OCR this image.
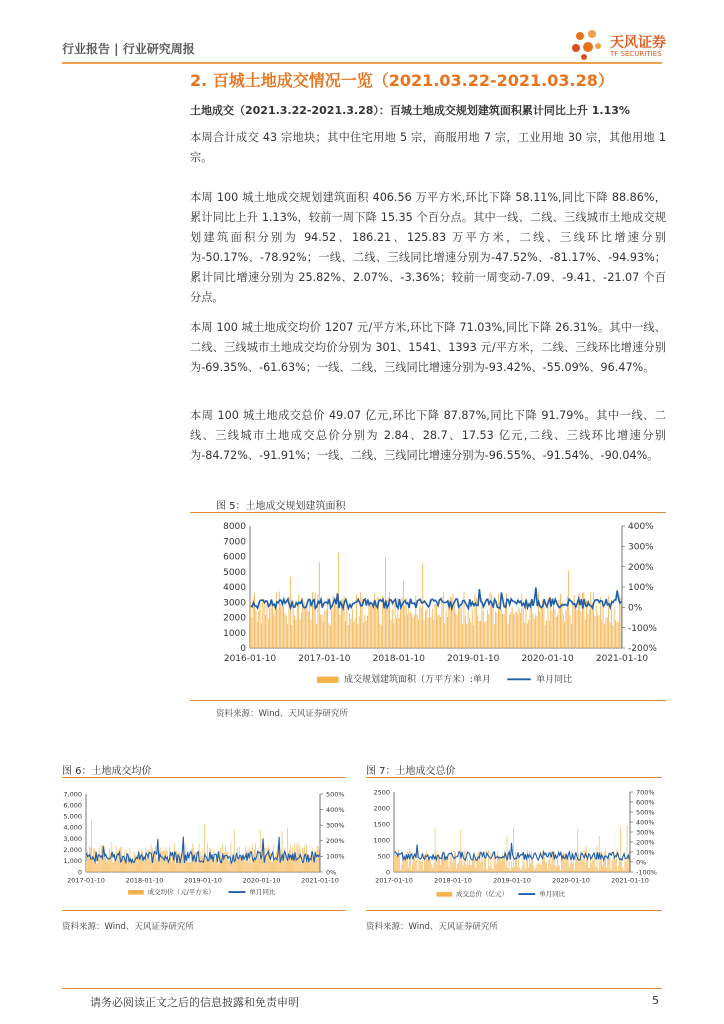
行业报告 | 行业研究周报	天风证券
TF SECURITIES
2. 百城土地成交情况一览（2021.03.22-2021.03.28）
土地成交（2021.3.22-2021.3.28）：百城土地成交规划建筑面积累计同比上升 1.13%

本周合计成交 43 宗地块；其中住宅用地 5 宗，商服用地 7 宗，工业用地 30 宗，其他用地 1 宗。

本周 100 城土地成交规划建筑面积 406.56 万平方米,环比下降 58.11%,同比下降 88.86%，累计同比上升 1.13%，较前一周下降 15.35 个百分点。其中一线、二线、三线城市土地成交规划建筑面积分别为 94.52、186.21、125.83 万平方米，二线、三线环比增速分别为-50.17%、-78.92%；一线、二线、三线同比增速分别为-47.52%、-81.17%、-94.93%；累计同比增速分别为 25.82%、2.07%、-3.36%；较前一周变动-7.09、-9.41、-21.07 个百分点。

本周 100 城土地成交均价 1207 元/平方米,环比下降 71.03%,同比下降 26.31%。其中一线、二线、三线城市土地成交均价分别为 301、1541、1393 元/平方米，二线、三线环比增速分别为-69.35%、-61.63%；一线、二线、三线同比增速分别为-93.42%、-55.09%、96.47%。

本周 100 城土地成交总价 49.07 亿元,环比下降 87.87%,同比下降 91.79%。其中一线、二线、三线城市土地成交总价分别为 2.84、28.7、17.53 亿元,二线、三线环比增速分别为-84.72%、-91.91%；一线、二线、三线同比增速分别为-96.55%、-91.54%、-90.04%。

图 5：土地成交规划建筑面积
0
1000
2000
3000
4000
5000
6000
7000
8000
-200%
-100%
0%
100%
200%
300%
400%
2016-01-10 2017-01-10 2018-01-10 2019-01-10 2020-01-10 2021-01-10
成交规划建筑面积（万平方米）:单月	单月同比
资料来源：Wind、天风证券研究所
图 6：土地成交均价
0
1,000
2,000
3,000
4,000
5,000
6,000
7,000
0%
100%
200%
300%
400%
500%
2017-01-10	2018-01-10	2019-01-10	2020-01-10	2021-01-10
成交均价（元/平方米）	单月同比
资料来源：Wind、天风证券研究所
图 7：土地成交总价
0
500
1000
1500
2000
2500
-100%
0%
100%
200%
300%
400%
500%
600%
700%
2017-01-10	2018-01-10	2019-01-10	2020-01-10	2021-01-10
成交总价（亿元）	单月同比
资料来源：Wind、天风证券研究所
请务必阅读正文之后的信息披露和免责申明	5
